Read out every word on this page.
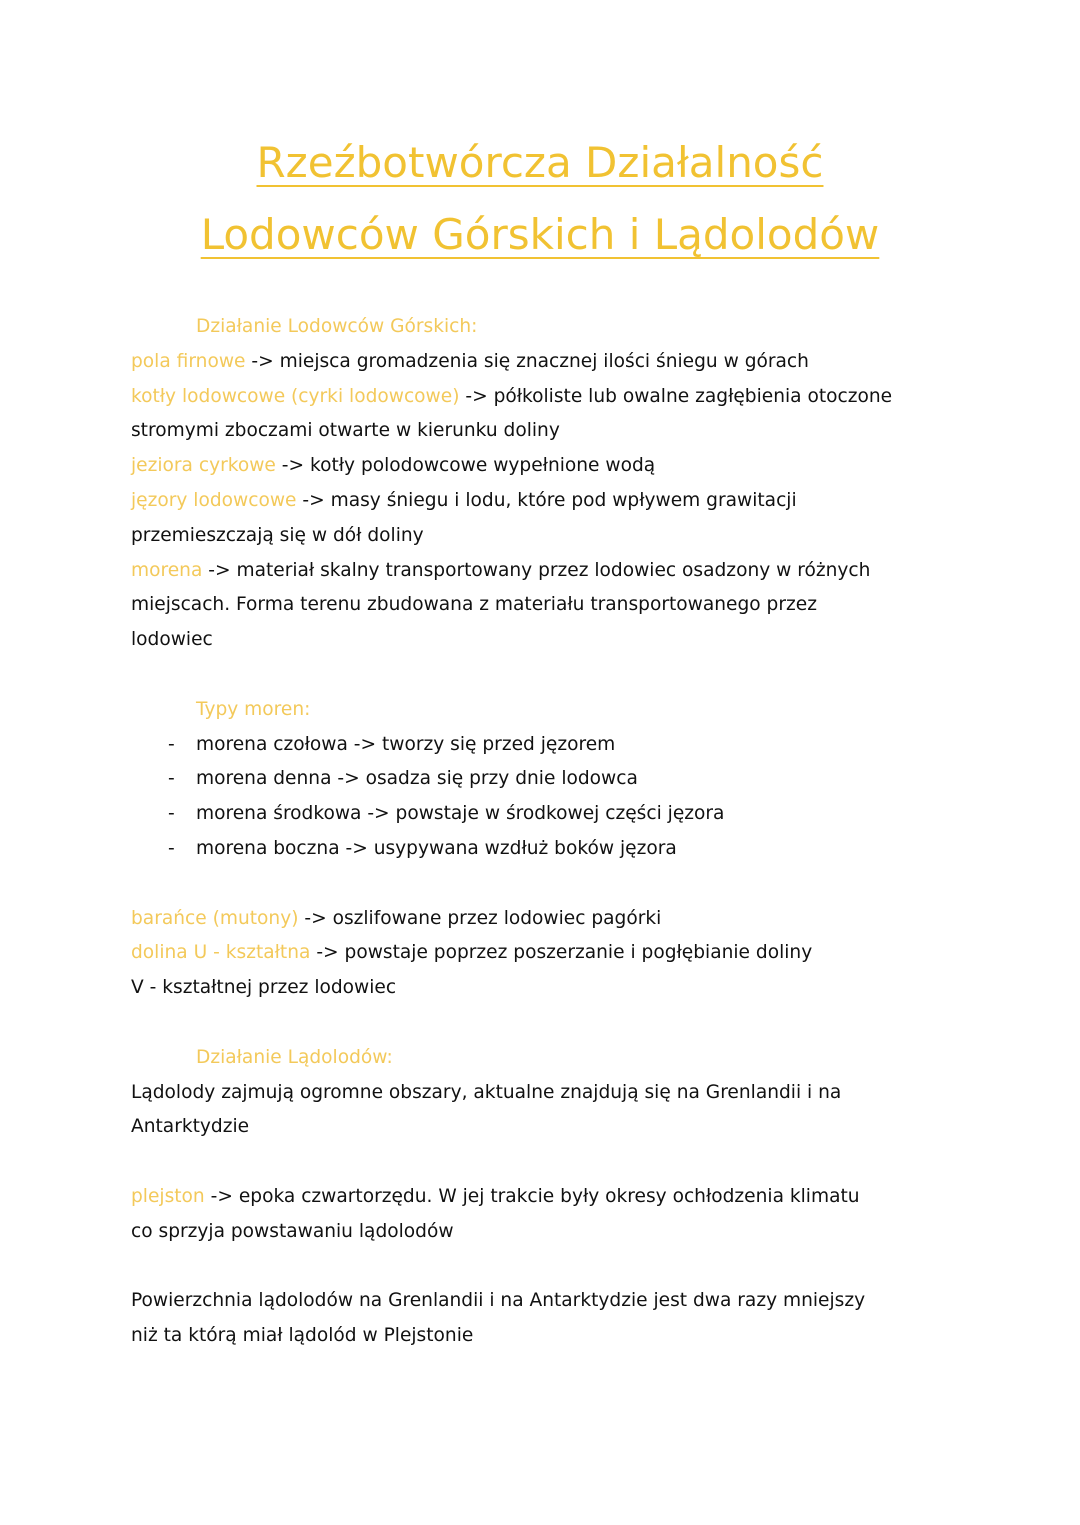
Rzeźbotwórcza Działalność
Lodowców Górskich i Lądolodów
Działanie Lodowców Górskich:
pola firnowe -> miejsca gromadzenia się znacznej ilości śniegu w górach
kotły lodowcowe (cyrki lodowcowe) -> półkoliste lub owalne zagłębienia otoczone
stromymi zboczami otwarte w kierunku doliny
jeziora cyrkowe -> kotły polodowcowe wypełnione wodą
jęzory lodowcowe -> masy śniegu i lodu, które pod wpływem grawitacji
przemieszczają się w dół doliny
morena -> materiał skalny transportowany przez lodowiec osadzony w różnych
miejscach. Forma terenu zbudowana z materiału transportowanego przez
lodowiec
Typy moren:
- morena czołowa -> tworzy się przed jęzorem
- morena denna -> osadza się przy dnie lodowca
- morena środkowa -> powstaje w środkowej części jęzora
- morena boczna -> usypywana wzdłuż boków jęzora
barańce (mutony) -> oszlifowane przez lodowiec pagórki
dolina U - kształtna -> powstaje poprzez poszerzanie i pogłębianie doliny
V - kształtnej przez lodowiec
Działanie Lądolodów:
Lądolody zajmują ogromne obszary, aktualne znajdują się na Grenlandii i na
Antarktydzie
plejston -> epoka czwartorzędu. W jej trakcie były okresy ochłodzenia klimatu
co sprzyja powstawaniu lądolodów
Powierzchnia lądolodów na Grenlandii i na Antarktydzie jest dwa razy mniejszy
niż ta którą miał lądolód w Plejstonie
